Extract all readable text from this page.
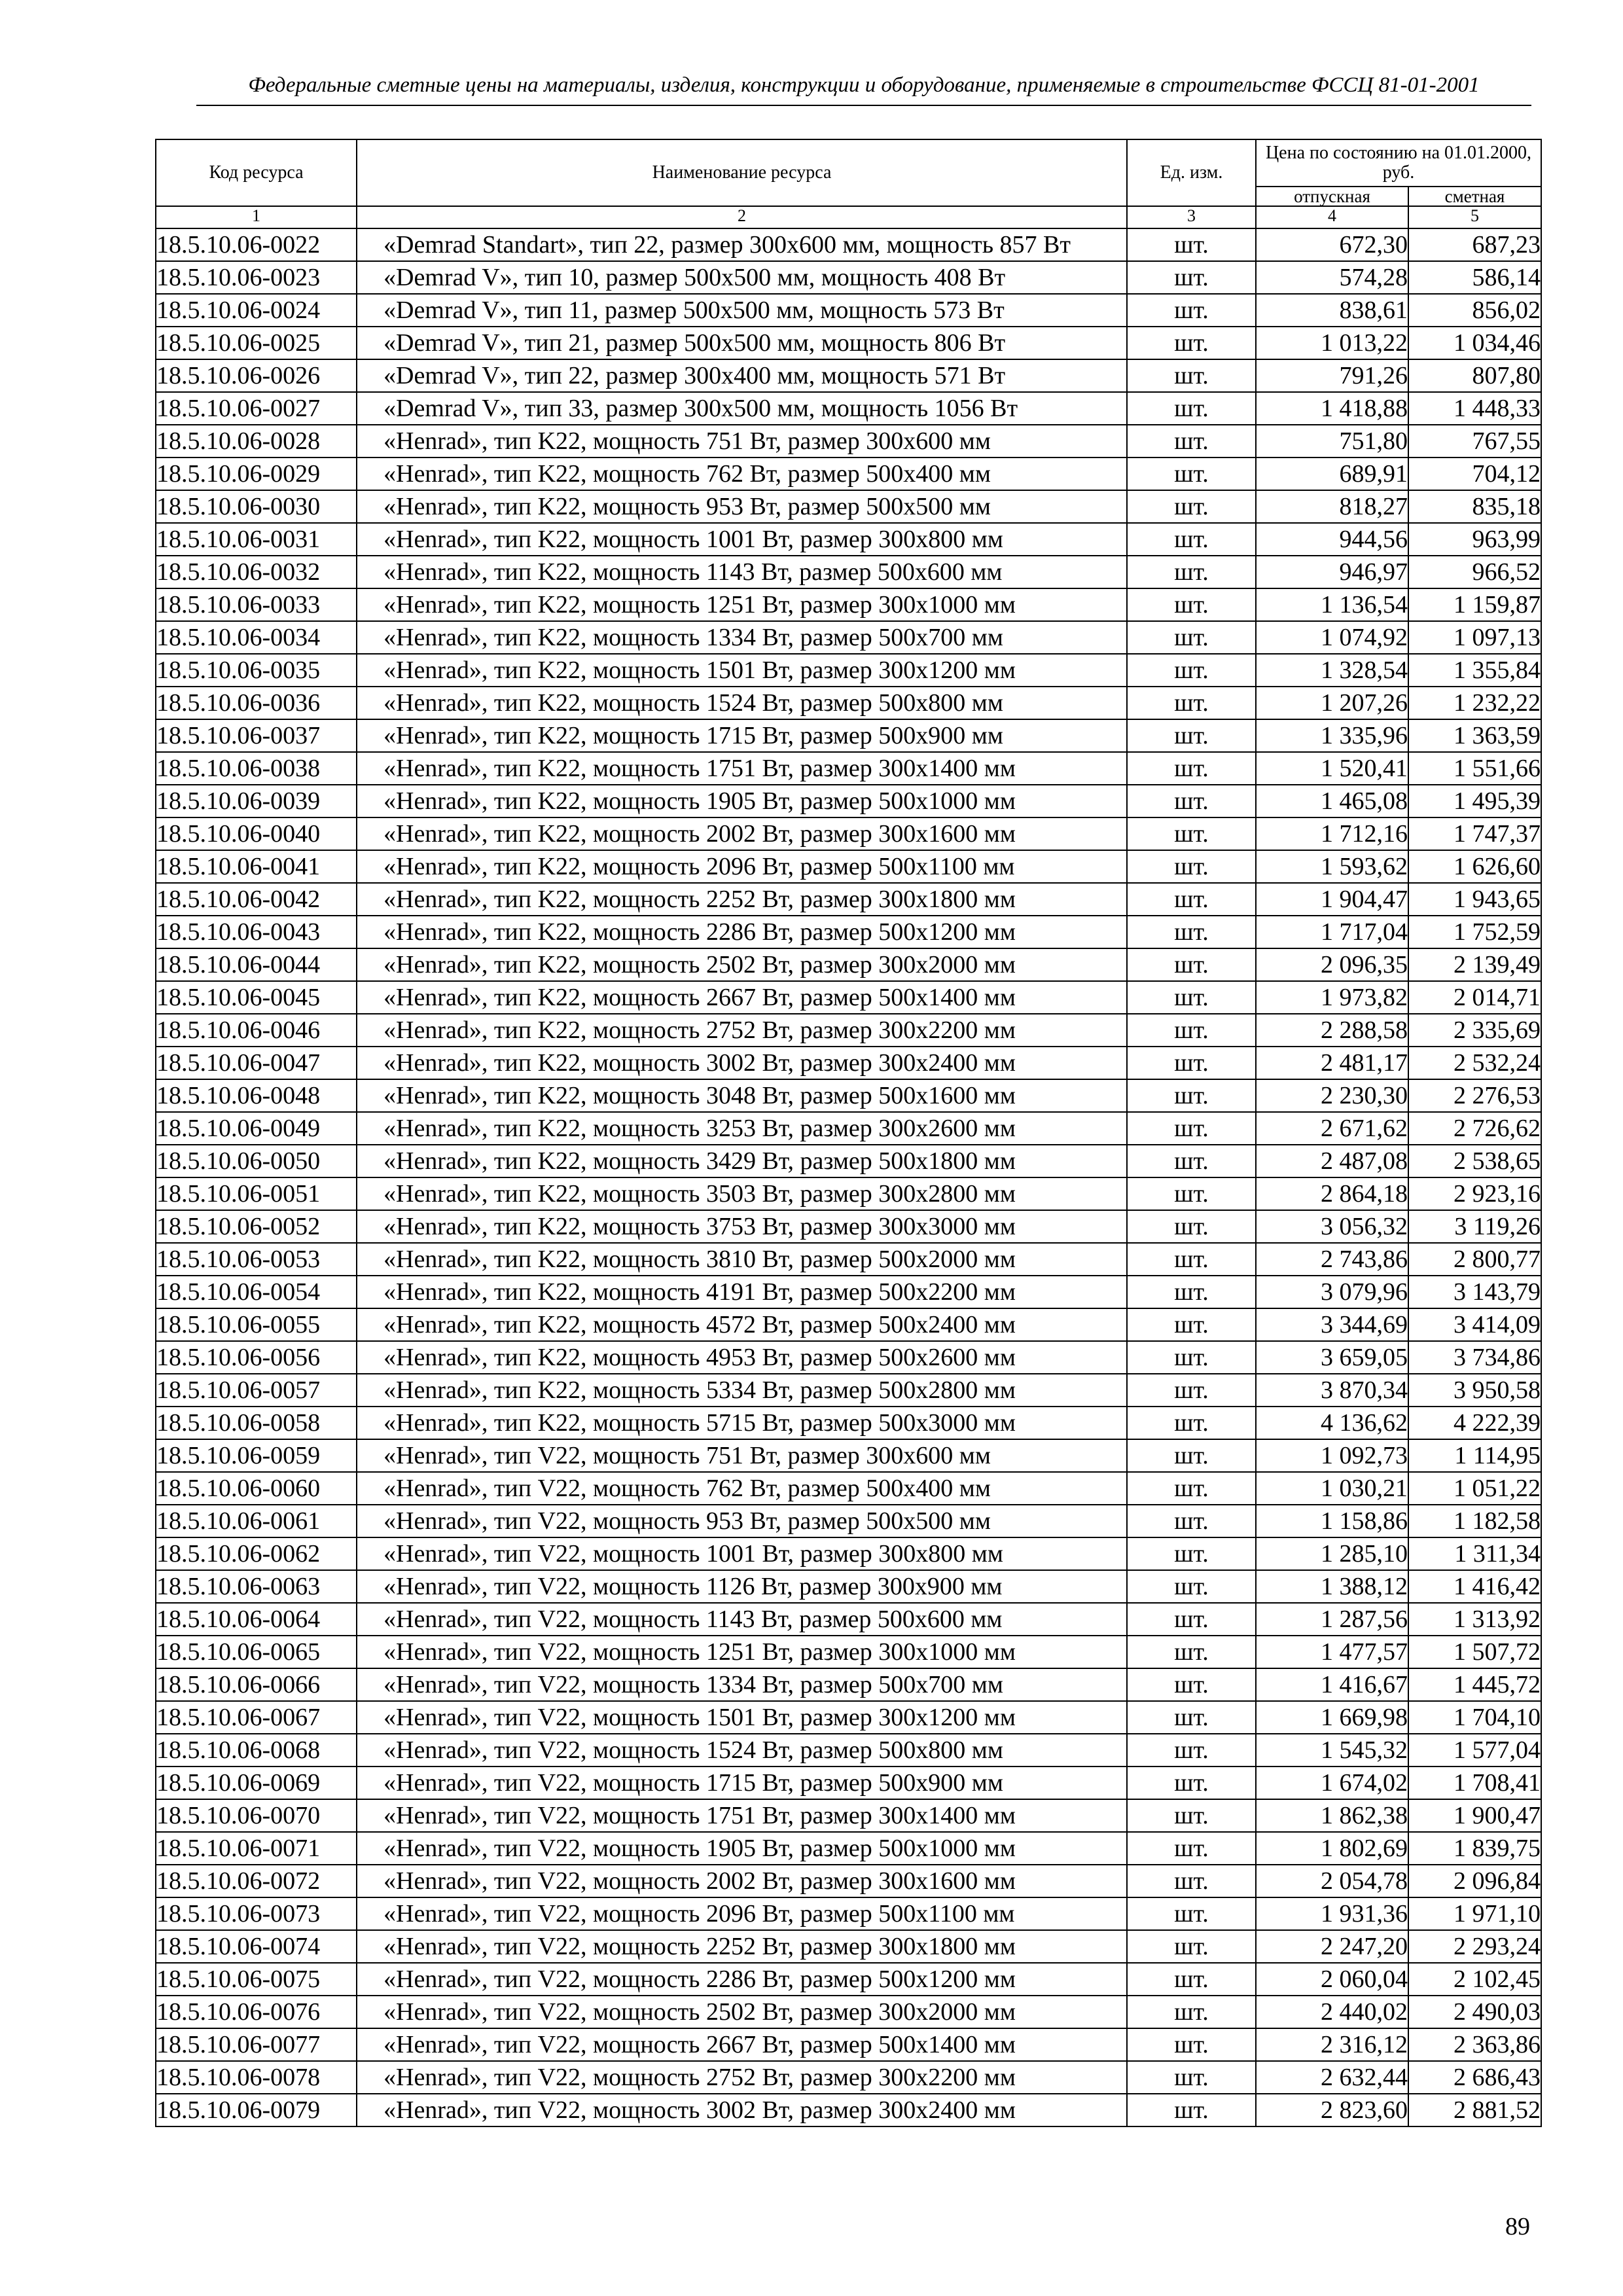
Федеральные сметные цены на материалы, изделия, конструкции и оборудование, применяемые в строительстве ФССЦ 81-01-2001
Код ресурса	Наименование ресурса	Ед. изм.	Цена по состоянию на 01.01.2000, руб.	
			отпускная	сметная
1	2	3	4	5
18.5.10.06-0022	«Demrad Standart», тип 22, размер 300х600 мм, мощность 857 Вт	шт.	672,30	687,23
18.5.10.06-0023	«Demrad V», тип 10, размер 500х500 мм, мощность 408 Вт	шт.	574,28	586,14
18.5.10.06-0024	«Demrad V», тип 11, размер 500х500 мм, мощность 573 Вт	шт.	838,61	856,02
18.5.10.06-0025	«Demrad V», тип 21, размер 500х500 мм, мощность 806 Вт	шт.	1 013,22	1 034,46
18.5.10.06-0026	«Demrad V», тип 22, размер 300х400 мм, мощность 571 Вт	шт.	791,26	807,80
18.5.10.06-0027	«Demrad V», тип 33, размер 300х500 мм, мощность 1056 Вт	шт.	1 418,88	1 448,33
18.5.10.06-0028	«Henrad», тип K22, мощность 751 Вт, размер 300х600 мм	шт.	751,80	767,55
18.5.10.06-0029	«Henrad», тип K22, мощность 762 Вт, размер 500х400 мм	шт.	689,91	704,12
18.5.10.06-0030	«Henrad», тип K22, мощность 953 Вт, размер 500х500 мм	шт.	818,27	835,18
18.5.10.06-0031	«Henrad», тип K22, мощность 1001 Вт, размер 300х800 мм	шт.	944,56	963,99
18.5.10.06-0032	«Henrad», тип K22, мощность 1143 Вт, размер 500х600 мм	шт.	946,97	966,52
18.5.10.06-0033	«Henrad», тип K22, мощность 1251 Вт, размер 300х1000 мм	шт.	1 136,54	1 159,87
18.5.10.06-0034	«Henrad», тип K22, мощность 1334 Вт, размер 500х700 мм	шт.	1 074,92	1 097,13
18.5.10.06-0035	«Henrad», тип K22, мощность 1501 Вт, размер 300х1200 мм	шт.	1 328,54	1 355,84
18.5.10.06-0036	«Henrad», тип K22, мощность 1524 Вт, размер 500х800 мм	шт.	1 207,26	1 232,22
18.5.10.06-0037	«Henrad», тип K22, мощность 1715 Вт, размер 500х900 мм	шт.	1 335,96	1 363,59
18.5.10.06-0038	«Henrad», тип K22, мощность 1751 Вт, размер 300х1400 мм	шт.	1 520,41	1 551,66
18.5.10.06-0039	«Henrad», тип K22, мощность 1905 Вт, размер 500х1000 мм	шт.	1 465,08	1 495,39
18.5.10.06-0040	«Henrad», тип K22, мощность 2002 Вт, размер 300х1600 мм	шт.	1 712,16	1 747,37
18.5.10.06-0041	«Henrad», тип K22, мощность 2096 Вт, размер 500х1100 мм	шт.	1 593,62	1 626,60
18.5.10.06-0042	«Henrad», тип K22, мощность 2252 Вт, размер 300х1800 мм	шт.	1 904,47	1 943,65
18.5.10.06-0043	«Henrad», тип K22, мощность 2286 Вт, размер 500х1200 мм	шт.	1 717,04	1 752,59
18.5.10.06-0044	«Henrad», тип K22, мощность 2502 Вт, размер 300х2000 мм	шт.	2 096,35	2 139,49
18.5.10.06-0045	«Henrad», тип K22, мощность 2667 Вт, размер 500х1400 мм	шт.	1 973,82	2 014,71
18.5.10.06-0046	«Henrad», тип K22, мощность 2752 Вт, размер 300х2200 мм	шт.	2 288,58	2 335,69
18.5.10.06-0047	«Henrad», тип K22, мощность 3002 Вт, размер 300х2400 мм	шт.	2 481,17	2 532,24
18.5.10.06-0048	«Henrad», тип K22, мощность 3048 Вт, размер 500х1600 мм	шт.	2 230,30	2 276,53
18.5.10.06-0049	«Henrad», тип K22, мощность 3253 Вт, размер 300х2600 мм	шт.	2 671,62	2 726,62
18.5.10.06-0050	«Henrad», тип K22, мощность 3429 Вт, размер 500х1800 мм	шт.	2 487,08	2 538,65
18.5.10.06-0051	«Henrad», тип K22, мощность 3503 Вт, размер 300х2800 мм	шт.	2 864,18	2 923,16
18.5.10.06-0052	«Henrad», тип K22, мощность 3753 Вт, размер 300х3000 мм	шт.	3 056,32	3 119,26
18.5.10.06-0053	«Henrad», тип K22, мощность 3810 Вт, размер 500х2000 мм	шт.	2 743,86	2 800,77
18.5.10.06-0054	«Henrad», тип K22, мощность 4191 Вт, размер 500х2200 мм	шт.	3 079,96	3 143,79
18.5.10.06-0055	«Henrad», тип K22, мощность 4572 Вт, размер 500х2400 мм	шт.	3 344,69	3 414,09
18.5.10.06-0056	«Henrad», тип K22, мощность 4953 Вт, размер 500х2600 мм	шт.	3 659,05	3 734,86
18.5.10.06-0057	«Henrad», тип K22, мощность 5334 Вт, размер 500х2800 мм	шт.	3 870,34	3 950,58
18.5.10.06-0058	«Henrad», тип K22, мощность 5715 Вт, размер 500х3000 мм	шт.	4 136,62	4 222,39
18.5.10.06-0059	«Henrad», тип V22, мощность 751 Вт, размер 300х600 мм	шт.	1 092,73	1 114,95
18.5.10.06-0060	«Henrad», тип V22, мощность 762 Вт, размер 500х400 мм	шт.	1 030,21	1 051,22
18.5.10.06-0061	«Henrad», тип V22, мощность 953 Вт, размер 500х500 мм	шт.	1 158,86	1 182,58
18.5.10.06-0062	«Henrad», тип V22, мощность 1001 Вт, размер 300х800 мм	шт.	1 285,10	1 311,34
18.5.10.06-0063	«Henrad», тип V22, мощность 1126 Вт, размер 300х900 мм	шт.	1 388,12	1 416,42
18.5.10.06-0064	«Henrad», тип V22, мощность 1143 Вт, размер 500х600 мм	шт.	1 287,56	1 313,92
18.5.10.06-0065	«Henrad», тип V22, мощность 1251 Вт, размер 300х1000 мм	шт.	1 477,57	1 507,72
18.5.10.06-0066	«Henrad», тип V22, мощность 1334 Вт, размер 500х700 мм	шт.	1 416,67	1 445,72
18.5.10.06-0067	«Henrad», тип V22, мощность 1501 Вт, размер 300х1200 мм	шт.	1 669,98	1 704,10
18.5.10.06-0068	«Henrad», тип V22, мощность 1524 Вт, размер 500х800 мм	шт.	1 545,32	1 577,04
18.5.10.06-0069	«Henrad», тип V22, мощность 1715 Вт, размер 500х900 мм	шт.	1 674,02	1 708,41
18.5.10.06-0070	«Henrad», тип V22, мощность 1751 Вт, размер 300х1400 мм	шт.	1 862,38	1 900,47
18.5.10.06-0071	«Henrad», тип V22, мощность 1905 Вт, размер 500х1000 мм	шт.	1 802,69	1 839,75
18.5.10.06-0072	«Henrad», тип V22, мощность 2002 Вт, размер 300х1600 мм	шт.	2 054,78	2 096,84
18.5.10.06-0073	«Henrad», тип V22, мощность 2096 Вт, размер 500х1100 мм	шт.	1 931,36	1 971,10
18.5.10.06-0074	«Henrad», тип V22, мощность 2252 Вт, размер 300х1800 мм	шт.	2 247,20	2 293,24
18.5.10.06-0075	«Henrad», тип V22, мощность 2286 Вт, размер 500х1200 мм	шт.	2 060,04	2 102,45
18.5.10.06-0076	«Henrad», тип V22, мощность 2502 Вт, размер 300х2000 мм	шт.	2 440,02	2 490,03
18.5.10.06-0077	«Henrad», тип V22, мощность 2667 Вт, размер 500х1400 мм	шт.	2 316,12	2 363,86
18.5.10.06-0078	«Henrad», тип V22, мощность 2752 Вт, размер 300х2200 мм	шт.	2 632,44	2 686,43
18.5.10.06-0079	«Henrad», тип V22, мощность 3002 Вт, размер 300х2400 мм	шт.	2 823,60	2 881,52
89
